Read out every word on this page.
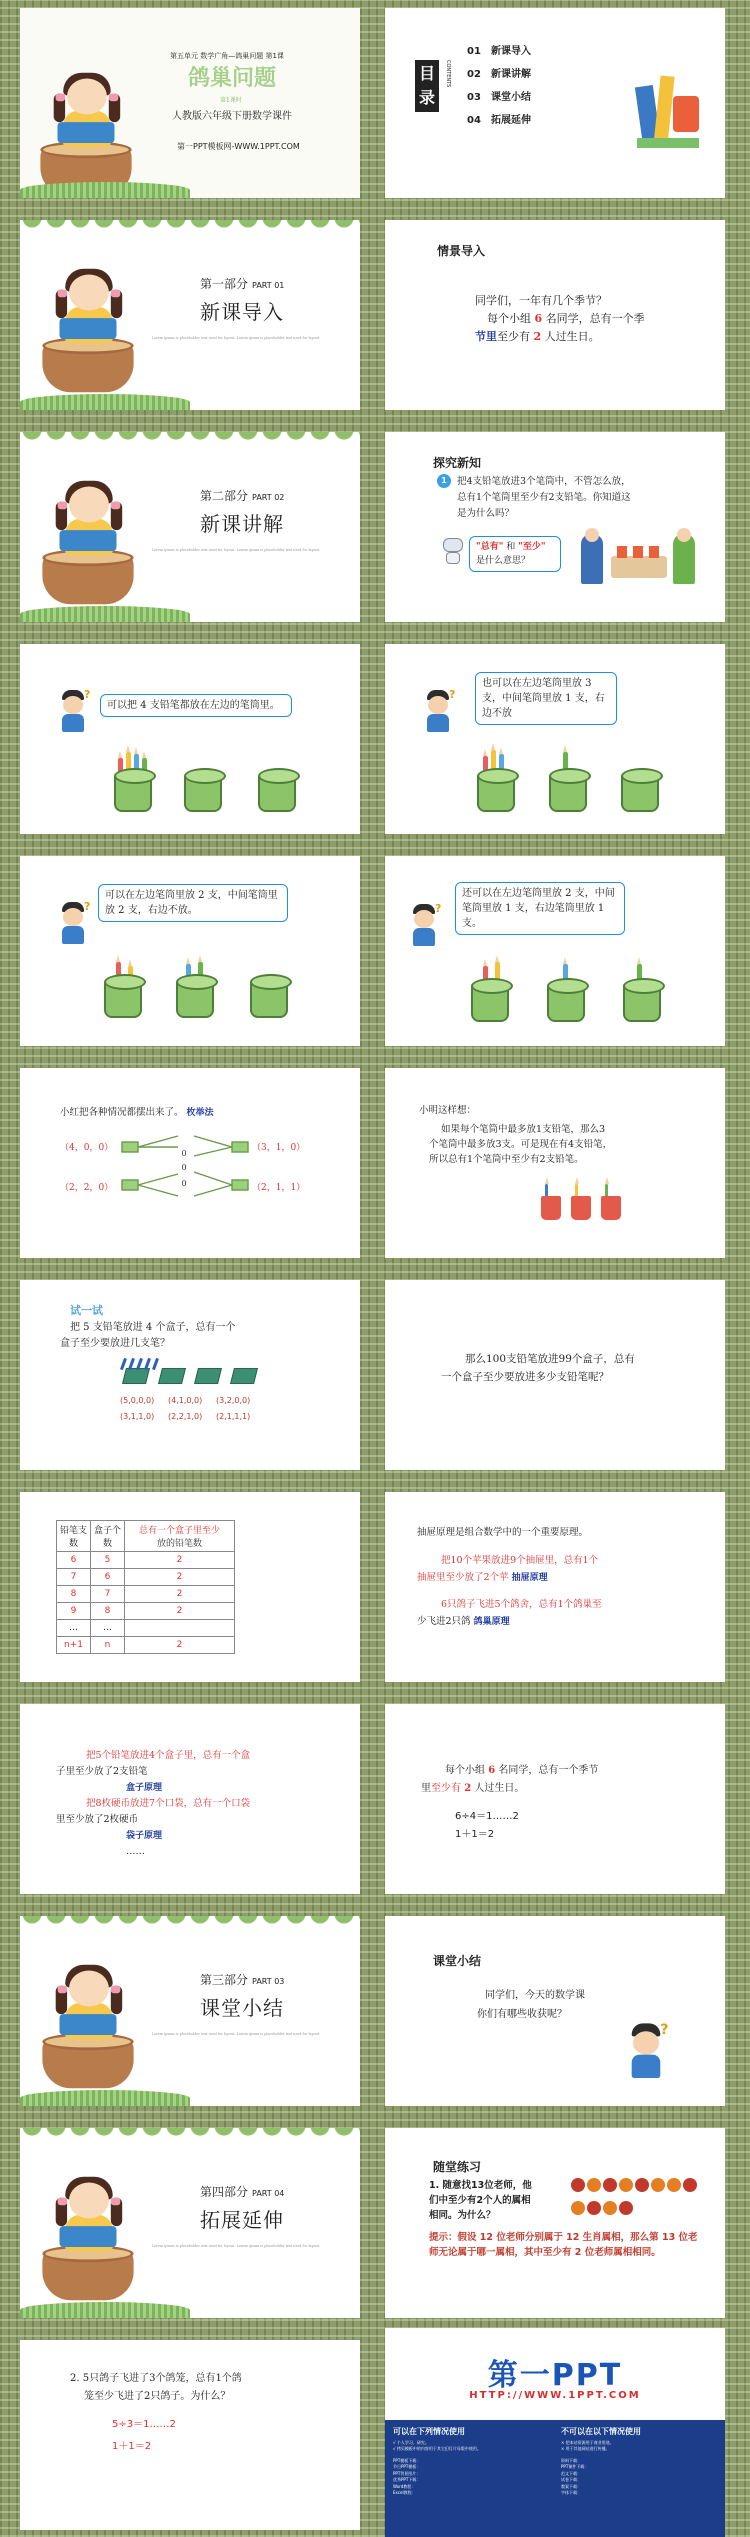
第五单元 数学广角—鸽巢问题 第1课
鸽巢问题
第1课时
人教版六年级下册数学课件
第一PPT模板网-WWW.1PPT.COM
目
录
CONTENTS
01 新课导入
02 新课讲解
03 课堂小结
04 拓展延伸
第一部分 PART 01
新课导入
Lorem ipsum is placeholder text used for layout. Lorem ipsum is placeholder text used for layout.
情景导入
同学们，一年有几个季节？
每个小组 6 名同学，总有一个季
节里至少有 2 人过生日。
第二部分 PART 02
新课讲解
Lorem ipsum is placeholder text used for layout. Lorem ipsum is placeholder text used for layout.
探究新知
1	把4支铅笔放进3个笔筒中，不管怎么放，
总有1个笔筒里至少有2支铅笔。你知道这
是为什么吗？
"总有" 和 "至少"
是什么意思？
?
可以把 4 支铅笔都放在左边的笔筒里。
?
也可以在左边笔筒里放 3 支，中间笔筒里放 1 支，右边不放
?
可以在左边笔筒里放 2 支，中间笔筒里放 2 支，右边不放。	?
还可以在左边笔筒里放 2 支，中间笔筒里放 1 支，右边笔筒里放 1 支。
小红把各种情况都摆出来了。 枚举法
（4，0，0）	（3，1，0）
（2，2，0）	（2，1，1）
0
0
0
小明这样想：
如果每个笔筒中最多放1支铅笔，那么3
个笔筒中最多放3支。可是现在有4支铅笔，
所以总有1个笔筒中至少有2支铅笔。
试一试
把 5 支铅笔放进 4 个盒子，总有一个
盒子至少要放进几支笔？
(5,0,0,0) (4,1,0,0) (3,2,0,0)
(3,1,1,0) (2,2,1,0) (2,1,1,1)
那么100支铅笔放进99个盒子，总有
一个盒子至少要放进多少支铅笔呢？
铅笔支数	盒子个数	总有一个盒子里至少
放的铅笔数
6	5	2
7	6	2
8	7	2
9	8	2
…	…	
n+1	n	2
抽屉原理是组合数学中的一个重要原理。
把10个苹果放进9个抽屉里，总有1个
抽屉里至少放了2个苹 抽屉原理
6只鸽子飞进5个鸽舍，总有1个鸽巢至
少飞进2只鸽 鸽巢原理
把5个铅笔放进4个盒子里，总有一个盒
子里至少放了2支铅笔
盒子原理
把8枚硬币放进7个口袋，总有一个口袋
里至少放了2枚硬币
袋子原理
……
每个小组 6 名同学，总有一个季节
里至少有 2 人过生日。
6÷4＝1……2
1＋1＝2
第三部分 PART 03
课堂小结
Lorem ipsum is placeholder text used for layout. Lorem ipsum is placeholder text used for layout.
课堂小结
同学们，今天的数学课
你们有哪些收获呢？
?
第四部分 PART 04
拓展延伸
Lorem ipsum is placeholder text used for layout. Lorem ipsum is placeholder text used for layout.
随堂练习
1. 随意找13位老师，他
们中至少有2个人的属相
相同。为什么？
提示：假设 12 位老师分别属于 12 生肖属相，那么第 13 位老师无论属于哪一属相，其中至少有 2 位老师属相相同。
2. 5只鸽子飞进了3个鸽笼，总有1个鸽
笼至少飞进了2只鸽子。为什么？
5÷3＝1……2
1＋1＝2
第一PPT
HTTP://WWW.1PPT.COM
可以在下列情况使用	不可以在以下情况使用
√ 个人学习、研究。
√ 拷贝模板中的内容用于其它幻灯片母版中使用。
× 把本站资源用于商业用途。
× 用于其他网站进行传播。
PPT模板下载：
节日PPT模板：
PPT背景图片：
优秀PPT下载：
Word教程：
Excel教程：
资料下载：
PPT课件下载：
范文下载：
试卷下载：
教案下载：
字体下载：
